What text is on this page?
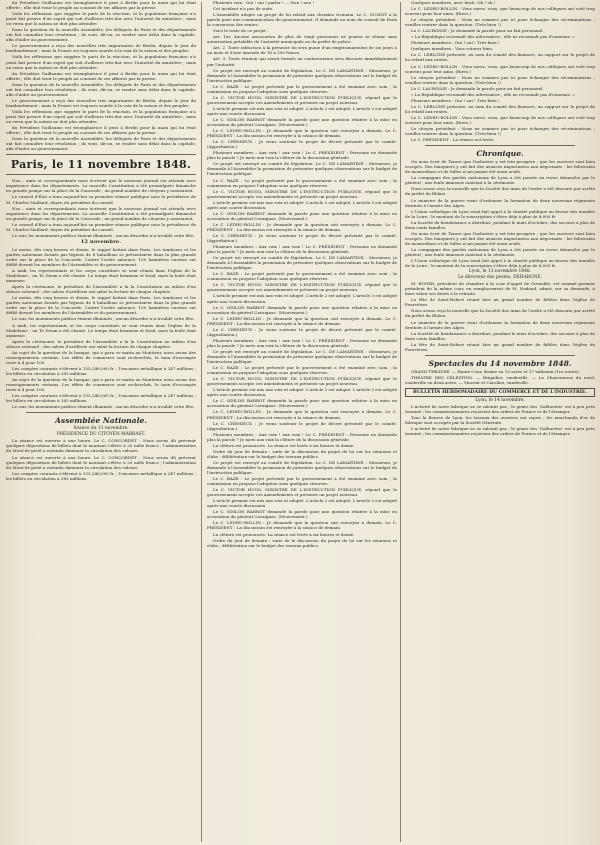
du Président Guillaume est triomphatrice il peut à Berlin pour la main qui lui était offerte ; elle doit tenir le peuple au courant de ses affaires par la presse.

Voilà les réflexions que suggère le parti de la réaction, et la population française n'a point fait preuve d'un esprit qui soit d'ailleurs très-dur avec l'autorité du ministère ; mais on verra que la nation ne doit plus attendre.

Dans la question de la nouvelle Assemblée, les délégués de Paris et des départements ont fait connaître leur résolution ; ils vont, dit-on, se rendre sans délai dans la capitale, afin d'aider au gouvernement.

Le gouvernement a reçu des nouvelles très importantes de Berlin, depuis le jour du bombardement ; mais la Prusse est toujours sourde à la voix de la raison et des peuples.

Voilà les réflexions que suggère le parti de la réaction, et la population française n'a point fait preuve d'un esprit qui soit d'ailleurs très-dur avec l'autorité du ministère ; mais on verra que la nation ne doit plus attendre.

du Président Guillaume est triomphatrice il peut à Berlin pour la main qui lui était offerte ; elle doit tenir le peuple au courant de ses affaires par la presse.

Dans la question de la nouvelle Assemblée, les délégués de Paris et des départements ont fait connaître leur résolution ; ils vont, dit-on, se rendre sans délai dans la capitale, afin d'aider au gouvernement.

Le gouvernement a reçu des nouvelles très importantes de Berlin, depuis le jour du bombardement ; mais la Prusse est toujours sourde à la voix de la raison et des peuples.

Voilà les réflexions que suggère le parti de la réaction, et la population française n'a point fait preuve d'un esprit qui soit d'ailleurs très-dur avec l'autorité du ministère ; mais on verra que la nation ne doit plus attendre.

du Président Guillaume est triomphatrice il peut à Berlin pour la main qui lui était offerte ; elle doit tenir le peuple au courant de ses affaires par la presse.

Dans la question de la nouvelle Assemblée, les délégués de Paris et des départements ont fait connaître leur résolution ; ils vont, dit-on, se rendre sans délai dans la capitale, afin d'aider au gouvernement.

Paris, le 11 novembre 1848.

Nos... amis et correspondants nous écrivent que le nouveau journal est attendu avec impatience dans les départements. La nouvelle Constitution a été promulguée dimanche en grande pompe sur la place de la Concorde ; un grand nombre de citoyens y assistaient.

Le conseil d'État a tenu aujourd'hui sa première séance publique sous la présidence de M. Charles Maillard, doyen du président du conseil.

Nos... amis et correspondants nous écrivent que le nouveau journal est attendu avec impatience dans les départements. La nouvelle Constitution a été promulguée dimanche en grande pompe sur la place de la Concorde ; un grand nombre de citoyens y assistaient.

Le conseil d'État a tenu aujourd'hui sa première séance publique sous la présidence de M. Charles Maillard, doyen du président du conseil.

Le soir, les monuments publics étaient illuminés ; aucun désordre n'a troublé cette fête.

12 novembre.

Le matin, dès cinq heures et demie, le rappel battait dans Paris. Les tambours et les gardes nationaux formés par légions de 8 bataillons se présentaient dans la plus grande ordre sur la place de la Concorde. Contre l'ordre annoncé, 100 bannières environ ont défilé devant les membres de l'Assemblée et du gouvernement.

A midi, les représentants et les corps constitués se sont réunis dans l'église de la Madeleine ; un Te Deum a été chanté. Le temps était brumeux et froid, mais la foule était immense.

Après la cérémonie, le président de l'Assemblée a lu la Constitution au milieu d'un silence solennel ; des salves d'artillerie ont salué la lecture de chaque chapitre.

Le matin, dès cinq heures et demie, le rappel battait dans Paris. Les tambours et les gardes nationaux formés par légions de 8 bataillons se présentaient dans la plus grande ordre sur la place de la Concorde. Contre l'ordre annoncé, 100 bannières environ ont défilé devant les membres de l'Assemblée et du gouvernement.

Le soir, les monuments publics étaient illuminés ; aucun désordre n'a troublé cette fête.

A midi, les représentants et les corps constitués se sont réunis dans l'église de la Madeleine ; un Te Deum a été chanté. Le temps était brumeux et froid, mais la foule était immense.

Après la cérémonie, le président de l'Assemblée a lu la Constitution au milieu d'un silence solennel ; des salves d'artillerie ont salué la lecture de chaque chapitre.

Au sujet de la question de la banque, qui a paru ce matin au Moniteur, nous avons des renseignements certains. Les effets de commerce sont recherchés, le taux d'escompte reste à 4 pour 100.

Les comptes courants s'élèvent à 155,246,000 fr. ; l'encaisse métallique à 247 millions ; les billets en circulation à 383 millions.

Au sujet de la question de la banque, qui a paru ce matin au Moniteur, nous avons des renseignements certains. Les effets de commerce sont recherchés, le taux d'escompte reste à 4 pour 100.

Les comptes courants s'élèvent à 155,246,000 fr. ; l'encaisse métallique à 247 millions ; les billets en circulation à 383 millions.

Le soir, les monuments publics étaient illuminés ; aucun désordre n'a troublé cette fête.

Assemblée Nationale.
Séance du 11 novembre.
PRÉSIDENCE DU CITOYEN MARRAST.

La séance est ouverte à une heure. Le C. CONCORDET : Nous avons dû prévenir quelques dépositions de billets dont le montant s'élève à 20 mille francs ; l'administration du Mont-de-piété a entendu diminuer la circulation des valeurs.

La séance est ouverte à une heure. Le C. CONCORDET : Nous avons dû prévenir quelques dépositions de billets dont le montant s'élève à 20 mille francs ; l'administration du Mont-de-piété a entendu diminuer la circulation des valeurs.

Les comptes courants s'élèvent à 155,246,000 fr. ; l'encaisse métallique à 247 millions ; les billets en circulation à 383 millions.

Plusieurs voix : Oui ! oui ! parler ! — Non ! non !

Cet incident n'a pas de suite.

L'Assemblée adopte un projet de loi relatif aux chemins vicinaux. Le C. GUIZOT a la parole pour une communication du gouvernement. Il demande au nom du conseil de Paris la conversion des rentes.

Voici le texte de ce projet :

Art. 1er. Aucune association de plus de vingt personnes ne pourra se réunir sans autorisation préalable de l'autorité municipale ou du préfet de police.

Art. 2. Toute infraction à la présente loi sera punie d'un emprisonnement de six jours à un mois et d'une amende de 16 à 200 francs.

Art. 3. Toute réunion qui serait formée en contravention sera dissoute immédiatement par l'autorité.

Ce projet est renvoyé au comité de législation. Le C. DE LAMARTINE : Messieurs, je demande à l'Assemblée la permission de présenter quelques observations sur le budget de l'instruction publique.

Le C. BAZE : Le projet présenté par le gouvernement a été examiné avec soin ; la commission en propose l'adoption sous quelques réserves.

Le C. VICTOR HUGO, MINISTRE DE L'INSTRUCTION PUBLIQUE, répond que le gouvernement accepte ces amendements et présente un projet nouveau.

L'article premier est mis aux voix et adopté. L'article 2 est adopté. L'article 3 est adopté après une courte discussion.

Le C. ODILON BARROT demande la parole pour une question relative à la mise en accusation du général Cavaignac. (Mouvement.)

Le C. LEDRU-ROLLIN : Je demande que la question soit renvoyée à demain. Le C. PRÉSIDENT : La discussion est renvoyée à la séance de demain.

Le C. CRÉMIEUX : Je viens soutenir le projet de décret présenté par le comité. (Approbation.)

Plusieurs membres : Aux voix ! aux voix ! Le C. PRÉSIDENT : Personne ne demande plus la parole ? Je mets aux voix la clôture de la discussion générale.

Ce projet est renvoyé au comité de législation. Le C. DE LAMARTINE : Messieurs, je demande à l'Assemblée la permission de présenter quelques observations sur le budget de l'instruction publique.

Le C. BAZE : Le projet présenté par le gouvernement a été examiné avec soin ; la commission en propose l'adoption sous quelques réserves.

Le C. VICTOR HUGO, MINISTRE DE L'INSTRUCTION PUBLIQUE, répond que le gouvernement accepte ces amendements et présente un projet nouveau.

L'article premier est mis aux voix et adopté. L'article 2 est adopté. L'article 3 est adopté après une courte discussion.

Le C. ODILON BARROT demande la parole pour une question relative à la mise en accusation du général Cavaignac. (Mouvement.)

Le C. LEDRU-ROLLIN : Je demande que la question soit renvoyée à demain. Le C. PRÉSIDENT : La discussion est renvoyée à la séance de demain.

Le C. CRÉMIEUX : Je viens soutenir le projet de décret présenté par le comité. (Approbation.)

Plusieurs membres : Aux voix ! aux voix ! Le C. PRÉSIDENT : Personne ne demande plus la parole ? Je mets aux voix la clôture de la discussion générale.

Ce projet est renvoyé au comité de législation. Le C. DE LAMARTINE : Messieurs, je demande à l'Assemblée la permission de présenter quelques observations sur le budget de l'instruction publique.

Le C. BAZE : Le projet présenté par le gouvernement a été examiné avec soin ; la commission en propose l'adoption sous quelques réserves.

Le C. VICTOR HUGO, MINISTRE DE L'INSTRUCTION PUBLIQUE, répond que le gouvernement accepte ces amendements et présente un projet nouveau.

L'article premier est mis aux voix et adopté. L'article 2 est adopté. L'article 3 est adopté après une courte discussion.

Le C. ODILON BARROT demande la parole pour une question relative à la mise en accusation du général Cavaignac. (Mouvement.)

Le C. LEDRU-ROLLIN : Je demande que la question soit renvoyée à demain. Le C. PRÉSIDENT : La discussion est renvoyée à la séance de demain.

Le C. CRÉMIEUX : Je viens soutenir le projet de décret présenté par le comité. (Approbation.)

Plusieurs membres : Aux voix ! aux voix ! Le C. PRÉSIDENT : Personne ne demande plus la parole ? Je mets aux voix la clôture de la discussion générale.

Ce projet est renvoyé au comité de législation. Le C. DE LAMARTINE : Messieurs, je demande à l'Assemblée la permission de présenter quelques observations sur le budget de l'instruction publique.

Le C. BAZE : Le projet présenté par le gouvernement a été examiné avec soin ; la commission en propose l'adoption sous quelques réserves.

Le C. VICTOR HUGO, MINISTRE DE L'INSTRUCTION PUBLIQUE, répond que le gouvernement accepte ces amendements et présente un projet nouveau.

L'article premier est mis aux voix et adopté. L'article 2 est adopté. L'article 3 est adopté après une courte discussion.

Le C. ODILON BARROT demande la parole pour une question relative à la mise en accusation du général Cavaignac. (Mouvement.)

Le C. LEDRU-ROLLIN : Je demande que la question soit renvoyée à demain. Le C. PRÉSIDENT : La discussion est renvoyée à la séance de demain.

Le C. CRÉMIEUX : Je viens soutenir le projet de décret présenté par le comité. (Approbation.)

Plusieurs membres : Aux voix ! aux voix ! Le C. PRÉSIDENT : Personne ne demande plus la parole ? Je mets aux voix la clôture de la discussion générale.

La clôture est prononcée. La séance est levée à six heures et demie.

Ordre du jour de demain : suite de la discussion du projet de loi sur les réunions et clubs ; délibération sur le budget des travaux publics.

Ce projet est renvoyé au comité de législation. Le C. DE LAMARTINE : Messieurs, je demande à l'Assemblée la permission de présenter quelques observations sur le budget de l'instruction publique.

Le C. BAZE : Le projet présenté par le gouvernement a été examiné avec soin ; la commission en propose l'adoption sous quelques réserves.

Le C. VICTOR HUGO, MINISTRE DE L'INSTRUCTION PUBLIQUE, répond que le gouvernement accepte ces amendements et présente un projet nouveau.

L'article premier est mis aux voix et adopté. L'article 2 est adopté. L'article 3 est adopté après une courte discussion.

Le C. ODILON BARROT demande la parole pour une question relative à la mise en accusation du général Cavaignac. (Mouvement.)

Le C. LEDRU-ROLLIN : Je demande que la question soit renvoyée à demain. Le C. PRÉSIDENT : La discussion est renvoyée à la séance de demain.

La clôture est prononcée. La séance est levée à six heures et demie.

Ordre du jour de demain : suite de la discussion du projet de loi sur les réunions et clubs ; délibération sur le budget des travaux publics.

Quelques membres, avec bruit. Oh ! oh !

Le C. LEDRU-ROLLIN : Vous savez, vous, que beaucoup de nos collègues ont voté trop souvent pour leur amis. (Rires.)

Le citoyen président : Nous ne sommes pas ici pour échanger des récriminations ; veuillez rentrer dans la question. (Très-bien !)

Le C. LACROSSE : Je demande la parole pour un fait personnel.

« La République reconnaît des adversaires ; elle ne reconnaît pas d'ennemis. »

Plusieurs membres : Oui ! oui ! Très-bien !

Quelques membres : Vous voterez bien.

Le C. LEBLOND présente, au nom du comité des finances, un rapport sur le projet de loi relatif aux rentes.

Le C. LEDRU-ROLLIN : Vous savez, vous, que beaucoup de nos collègues ont voté trop souvent pour leur amis. (Rires.)

Le citoyen président : Nous ne sommes pas ici pour échanger des récriminations ; veuillez rentrer dans la question. (Très-bien !)

Le C. LACROSSE : Je demande la parole pour un fait personnel.

« La République reconnaît des adversaires ; elle ne reconnaît pas d'ennemis. »

Plusieurs membres : Oui ! oui ! Très-bien !

Le C. LEBLOND présente, au nom du comité des finances, un rapport sur le projet de loi relatif aux rentes.

Le C. LEDRU-ROLLIN : Vous savez, vous, que beaucoup de nos collègues ont voté trop souvent pour leur amis. (Rires.)

Le citoyen président : Nous ne sommes pas ici pour échanger des récriminations ; veuillez rentrer dans la question. (Très-bien !)

Le C. PRÉSIDENT : La séance est levée.

Chronique.

On nous écrit de Tarare que l'industrie y est très-prospère ; que les ouvriers sont bien occupés. Des banquiers y ont fait des avances importantes aux négociants ; les fabricants de mousselines et de tulles n'ont jamais été aussi actifs.

La compagnie des gardes nationaux de Lyon a été passée en revue dimanche par le général ; une foule immense assistait à la cérémonie.

Nous avons reçu la nouvelle que la Société des Amis de l'ordre a été dissoute par arrêté du préfet du Rhône.

Le ministre de la guerre vient d'ordonner la formation de deux nouveaux régiments destinés à l'armée des Alpes.

L'Union catholique de Lyon avait fait appel à la charité publique en faveur des inondés de la Loire ; le montant de la souscription s'élève déjà à plus de 8,000 fr.

La Société de bienfaisance a distribué, pendant le mois d'octobre, des secours à plus de deux cents familles.

On nous écrit de Tarare que l'industrie y est très-prospère ; que les ouvriers sont bien occupés. Des banquiers y ont fait des avances importantes aux négociants ; les fabricants de mousselines et de tulles n'ont jamais été aussi actifs.

La compagnie des gardes nationaux de Lyon a été passée en revue dimanche par le général ; une foule immense assistait à la cérémonie.

L'Union catholique de Lyon avait fait appel à la charité publique en faveur des inondés de la Loire ; le montant de la souscription s'élève déjà à plus de 8,000 fr.

Lyon, le 13 novembre 1848.
Le directeur des postes, DEHARGNE.

M. ROGER, président de chambre à la cour d'appel de Grenoble, est nommé premier président de la même cour, en remplacement de M. Nadaud, admis, sur sa demande, à faire valoir ses droits à la retraite.

La fête de Saint-Robert réunit hier un grand nombre de fidèles dans l'église de Fourvières.

Nous avons reçu la nouvelle que la Société des Amis de l'ordre a été dissoute par arrêté du préfet du Rhône.

Le ministre de la guerre vient d'ordonner la formation de deux nouveaux régiments destinés à l'armée des Alpes.

La Société de bienfaisance a distribué, pendant le mois d'octobre, des secours à plus de deux cents familles.

La fête de Saint-Robert réunit hier un grand nombre de fidèles dans l'église de Fourvières.

Spectacles du 14 novembre 1848.

GRAND-THÉATRE. — Haute-Cour, drame en 10 actes et 17 tableaux (1re soirée).

THÉATRE DES CÉLESTINS. — Brigadier, vaudeville. — La Chanoinesse du nord, vaudeville en deux actes. — Vincent et Caroline, vaudeville.

BULLETIN HEBDOMADAIRE DU COMMERCE ET DE L'INDUSTRIE.
Lyon, le 14 novembre.

L'activité de notre fabrique ne se ralentit pas ; le genre des 'Gallinettes' est à peu près terminé ; les commissionnaires reçoivent des ordres de France et de l'étranger.

Tous la Bourse de Lyon, les travaux des ouvriers ont repris ; les marchands d'or de fabrique sont occupés par la Société Générale.

L'activité de notre fabrique ne se ralentit pas ; le genre des 'Gallinettes' est à peu près terminé ; les commissionnaires reçoivent des ordres de France et de l'étranger.
